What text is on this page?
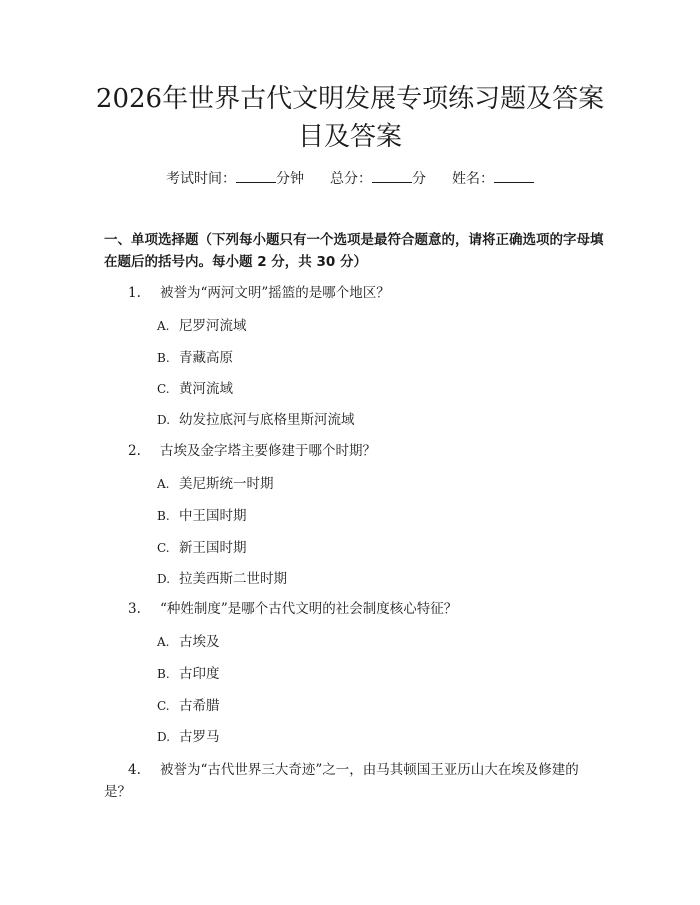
2026年世界古代文明发展专项练习题及答案
目及答案
考试时间：	分钟 总分：	分 姓名：

一、单项选择题（下列每小题只有一个选项是最符合题意的，请将正确选项的字母填在题后的括号内。每小题 2 分，共 30 分）

1. 被誉为“两河文明”摇篮的是哪个地区？
A. 尼罗河流域
B. 青藏高原
C. 黄河流域
D. 幼发拉底河与底格里斯河流域
2. 古埃及金字塔主要修建于哪个时期？
A. 美尼斯统一时期
B. 中王国时期
C. 新王国时期
D. 拉美西斯二世时期
3. “种姓制度”是哪个古代文明的社会制度核心特征？
A. 古埃及
B. 古印度
C. 古希腊
D. 古罗马
4. 被誉为“古代世界三大奇迹”之一，由马其顿国王亚历山大在埃及修建的是？
